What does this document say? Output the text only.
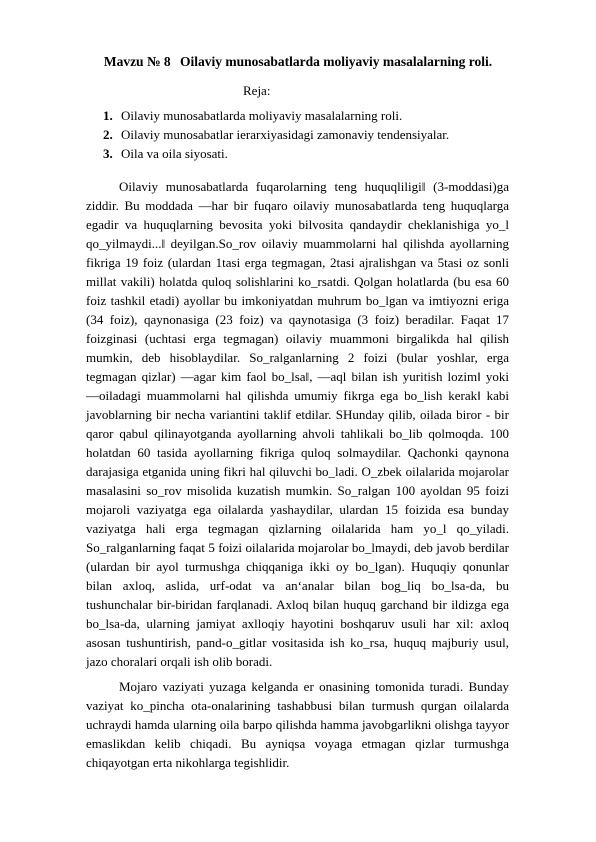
Mavzu № 8 Oilaviy munosabatlarda moliyaviy masalalarning roli.
Reja:
1. Oilaviy munosabatlarda moliyaviy masalalarning roli.
2. Oilaviy munosabatlar ierarxiyasidagi zamonaviy tendensiyalar.
3. Oila va oila siyosati.

Oilaviy munosabatlarda fuqarolarning teng huquqliligi‖ (3-moddasi)ga ziddir. Bu moddada ―har bir fuqaro oilaviy munosabatlarda teng huquqlarga egadir va huquqlarning bevosita yoki bilvosita qandaydir cheklanishiga yo_l qo_yilmaydi...‖ deyilgan.So_rov oilaviy muammolarni hal qilishda ayollarning fikriga 19 foiz (ulardan 1tasi erga tegmagan, 2tasi ajralishgan va 5tasi oz sonli millat vakili) holatda quloq solishlarini ko_rsatdi. Qolgan holatlarda (bu esa 60 foiz tashkil etadi) ayollar bu imkoniyatdan muhrum bo_lgan va imtiyozni eriga (34 foiz), qaynonasiga (23 foiz) va qaynotasiga (3 foiz) beradilar. Faqat 17 foizginasi (uchtasi erga tegmagan) oilaviy muammoni birgalikda hal qilish mumkin, deb hisoblaydilar. So_ralganlarning 2 foizi (bular yoshlar, erga tegmagan qizlar) ―agar kim faol bo_lsa‖, ―aql bilan ish yuritish lozim‖ yoki ―oiladagi muammolarni hal qilishda umumiy fikrga ega bo_lish kerak‖ kabi javoblarning bir necha variantini taklif etdilar. SHunday qilib, oilada biror - bir qaror qabul qilinayotganda ayollarning ahvoli tahlikali bo_lib qolmoqda. 100 holatdan 60 tasida ayollarning fikriga quloq solmaydilar. Qachonki qaynona darajasiga etganida uning fikri hal qiluvchi bo_ladi. O_zbek oilalarida mojarolar masalasini so_rov misolida kuzatish mumkin. So_ralgan 100 ayoldan 95 foizi mojaroli vaziyatga ega oilalarda yashaydilar, ulardan 15 foizida esa bunday vaziyatga hali erga tegmagan qizlarning oilalarida ham yo_l qo_yiladi. So_ralganlarning faqat 5 foizi oilalarida mojarolar bo_lmaydi, deb javob berdilar (ulardan bir ayol turmushga chiqqaniga ikki oy bo_lgan). Huquqiy qonunlar bilan axloq, aslida, urf-odat va an‘analar bilan bog_liq bo_lsa-da, bu tushunchalar bir-biridan farqlanadi. Axloq bilan huquq garchand bir ildizga ega bo_lsa-da, ularning jamiyat axlloqiy hayotini boshqaruv usuli har xil: axloq asosan tushuntirish, pand-o_gitlar vositasida ish ko_rsa, huquq majburiy usul, jazo choralari orqali ish olib boradi.

Mojaro vaziyati yuzaga kelganda er onasining tomonida turadi. Bunday vaziyat ko_pincha ota-onalarining tashabbusi bilan turmush qurgan oilalarda uchraydi hamda ularning oila barpo qilishda hamma javobgarlikni olishga tayyor emaslikdan kelib chiqadi. Bu ayniqsa voyaga etmagan qizlar turmushga chiqayotgan erta nikohlarga tegishlidir.
